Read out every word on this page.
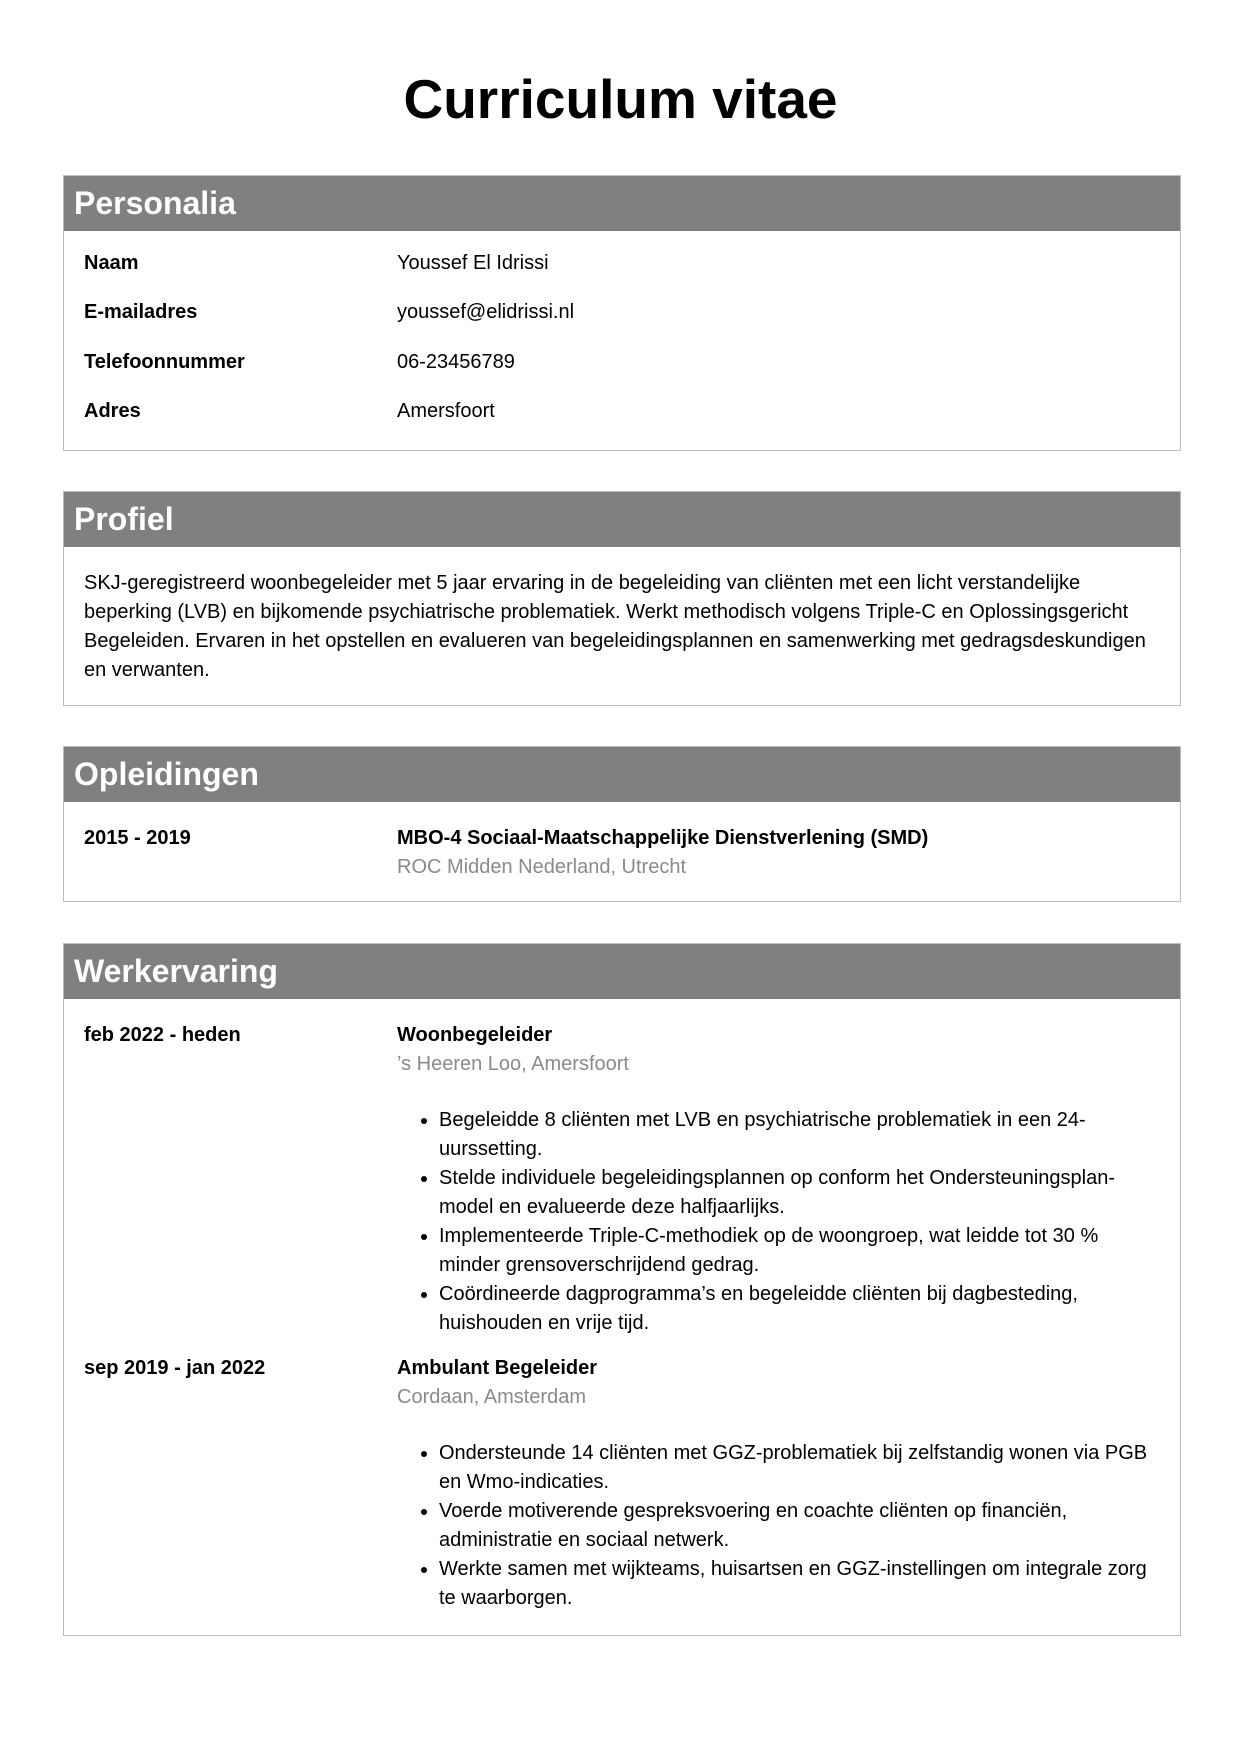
Curriculum vitae
Personalia
Naam	Youssef El Idrissi
E-mailadres	youssef@elidrissi.nl
Telefoonnummer	06-23456789
Adres	Amersfoort
Profiel
SKJ-geregistreerd woonbegeleider met 5 jaar ervaring in de begeleiding van cliënten met een licht verstandelijke beperking (LVB) en bijkomende psychiatrische problematiek. Werkt methodisch volgens Triple-C en Oplossingsgericht Begeleiden. Ervaren in het opstellen en evalueren van begeleidingsplannen en samenwerking met gedragsdeskundigen en verwanten.
Opleidingen
2015 - 2019	MBO-4 Sociaal-Maatschappelijke Dienstverlening (SMD)
ROC Midden Nederland, Utrecht
Werkervaring
feb 2022 - heden	Woonbegeleider
’s Heeren Loo, Amersfoort
• Begeleidde 8 cliënten met LVB en psychiatrische problematiek in een 24-uurssetting.
• Stelde individuele begeleidingsplannen op conform het Ondersteuningsplan-model en evalueerde deze halfjaarlijks.
• Implementeerde Triple-C-methodiek op de woongroep, wat leidde tot 30 % minder grensoverschrijdend gedrag.
• Coördineerde dagprogramma’s en begeleidde cliënten bij dagbesteding, huishouden en vrije tijd.
sep 2019 - jan 2022	Ambulant Begeleider
Cordaan, Amsterdam
• Ondersteunde 14 cliënten met GGZ-problematiek bij zelfstandig wonen via PGB en Wmo-indicaties.
• Voerde motiverende gespreksvoering en coachte cliënten op financiën, administratie en sociaal netwerk.
• Werkte samen met wijkteams, huisartsen en GGZ-instellingen om integrale zorg te waarborgen.
